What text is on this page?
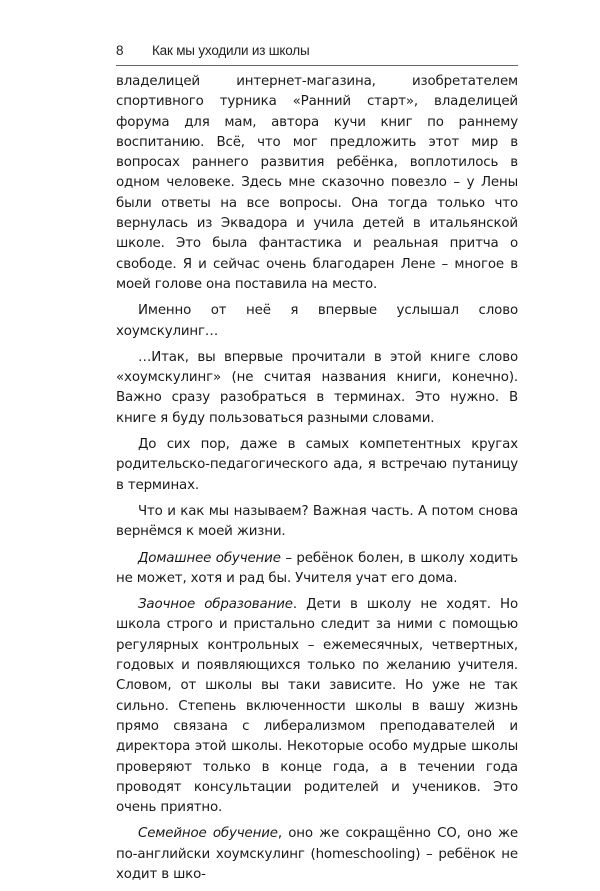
8 Как мы уходили из школы

владелицей интернет-магазина, изобретателем спортивного турника «Ранний старт», владелицей форума для мам, автора кучи книг по раннему воспитанию. Всё, что мог предложить этот мир в вопросах раннего развития ребёнка, воплотилось в одном человеке. Здесь мне сказочно повезло – у Лены были ответы на все вопросы. Она тогда только что вернулась из Эквадора и учила детей в итальянской школе. Это была фантастика и реальная притча о свободе. Я и сейчас очень благодарен Лене – многое в моей голове она поставила на место.

Именно от неё я впервые услышал слово хоумскулинг…

…Итак, вы впервые прочитали в этой книге слово «хоумскулинг» (не считая названия книги, конечно). Важно сразу разобраться в терминах. Это нужно. В книге я буду пользоваться разными словами.

До сих пор, даже в самых компетентных кругах родительско-педагогического ада, я встречаю путаницу в терминах.

Что и как мы называем? Важная часть. А потом снова вернёмся к моей жизни.

Домашнее обучение – ребёнок болен, в школу ходить не может, хотя и рад бы. Учителя учат его дома.

Заочное образование. Дети в школу не ходят. Но школа строго и пристально следит за ними с помощью регулярных контрольных – ежемесячных, четвертных, годовых и появляющихся только по желанию учителя. Словом, от школы вы таки зависите. Но уже не так сильно. Степень включенности школы в вашу жизнь прямо связана с либерализмом преподавателей и директора этой школы. Некоторые особо мудрые школы проверяют только в конце года, а в течении года проводят консультации родителей и учеников. Это очень приятно.

Семейное обучение, оно же сокращённо СО, оно же по-английски хоумскулинг (homeschooling) – ребёнок не ходит в шко-
